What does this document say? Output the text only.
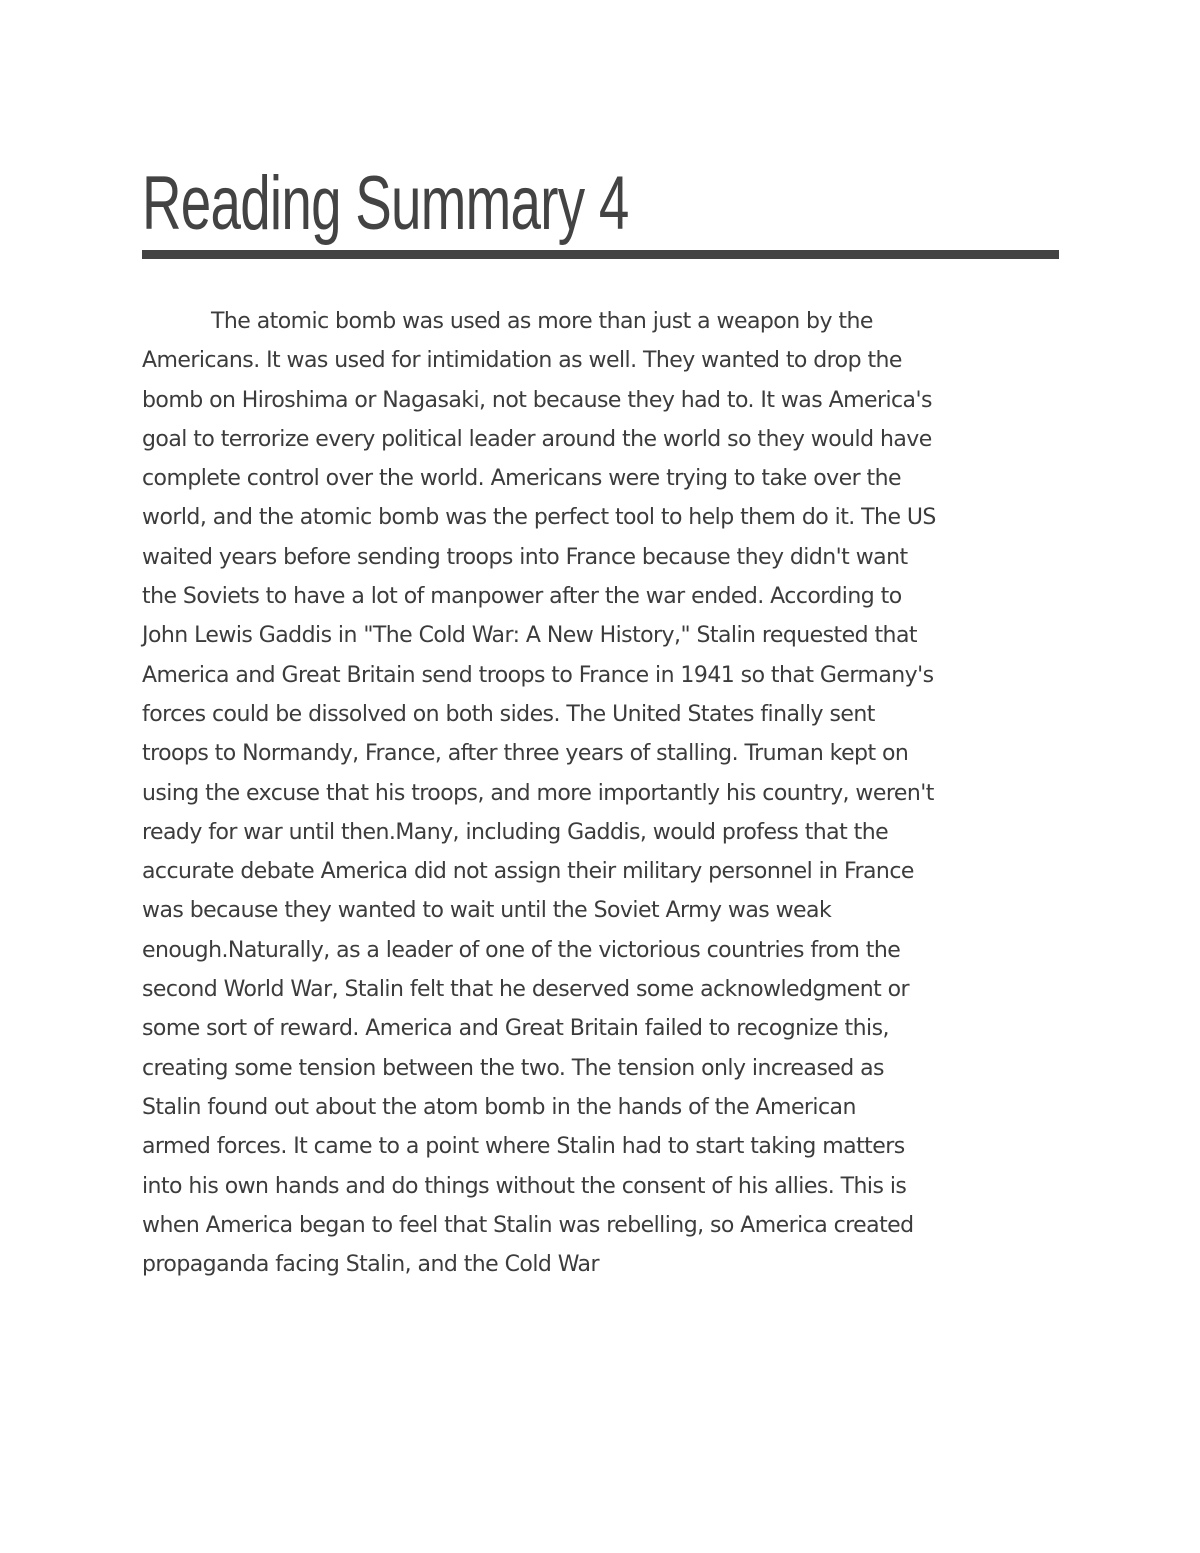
Reading Summary 4
The atomic bomb was used as more than just a weapon by the
Americans. It was used for intimidation as well. They wanted to drop the
bomb on Hiroshima or Nagasaki, not because they had to. It was America's
goal to terrorize every political leader around the world so they would have
complete control over the world. Americans were trying to take over the
world, and the atomic bomb was the perfect tool to help them do it. The US
waited years before sending troops into France because they didn't want
the Soviets to have a lot of manpower after the war ended. According to
John Lewis Gaddis in "The Cold War: A New History," Stalin requested that
America and Great Britain send troops to France in 1941 so that Germany's
forces could be dissolved on both sides. The United States finally sent
troops to Normandy, France, after three years of stalling. Truman kept on
using the excuse that his troops, and more importantly his country, weren't
ready for war until then.Many, including Gaddis, would profess that the
accurate debate America did not assign their military personnel in France
was because they wanted to wait until the Soviet Army was weak
enough.Naturally, as a leader of one of the victorious countries from the
second World War, Stalin felt that he deserved some acknowledgment or
some sort of reward. America and Great Britain failed to recognize this,
creating some tension between the two. The tension only increased as
Stalin found out about the atom bomb in the hands of the American
armed forces. It came to a point where Stalin had to start taking matters
into his own hands and do things without the consent of his allies. This is
when America began to feel that Stalin was rebelling, so America created
propaganda facing Stalin, and the Cold War
